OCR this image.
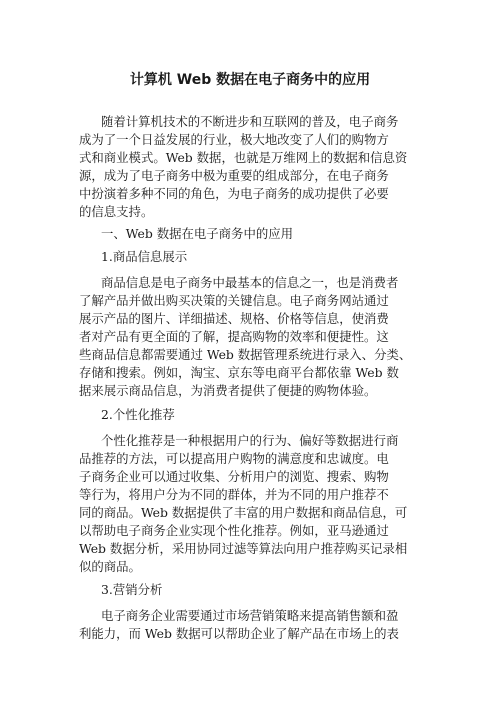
计算机 Web 数据在电子商务中的应用
随着计算机技术的不断进步和互联网的普及，电子商务
成为了一个日益发展的行业，极大地改变了人们的购物方
式和商业模式。Web 数据，也就是万维网上的数据和信息资
源，成为了电子商务中极为重要的组成部分，在电子商务
中扮演着多种不同的角色，为电子商务的成功提供了必要
的信息支持。
一、Web 数据在电子商务中的应用
1.商品信息展示
商品信息是电子商务中最基本的信息之一，也是消费者
了解产品并做出购买决策的关键信息。电子商务网站通过
展示产品的图片、详细描述、规格、价格等信息，使消费
者对产品有更全面的了解，提高购物的效率和便捷性。这
些商品信息都需要通过 Web 数据管理系统进行录入、分类、
存储和搜索。例如，淘宝、京东等电商平台都依靠 Web 数
据来展示商品信息，为消费者提供了便捷的购物体验。
2.个性化推荐
个性化推荐是一种根据用户的行为、偏好等数据进行商
品推荐的方法，可以提高用户购物的满意度和忠诚度。电
子商务企业可以通过收集、分析用户的浏览、搜索、购物
等行为，将用户分为不同的群体，并为不同的用户推荐不
同的商品。Web 数据提供了丰富的用户数据和商品信息，可
以帮助电子商务企业实现个性化推荐。例如，亚马逊通过
Web 数据分析，采用协同过滤等算法向用户推荐购买记录相
似的商品。
3.营销分析
电子商务企业需要通过市场营销策略来提高销售额和盈
利能力，而 Web 数据可以帮助企业了解产品在市场上的表
